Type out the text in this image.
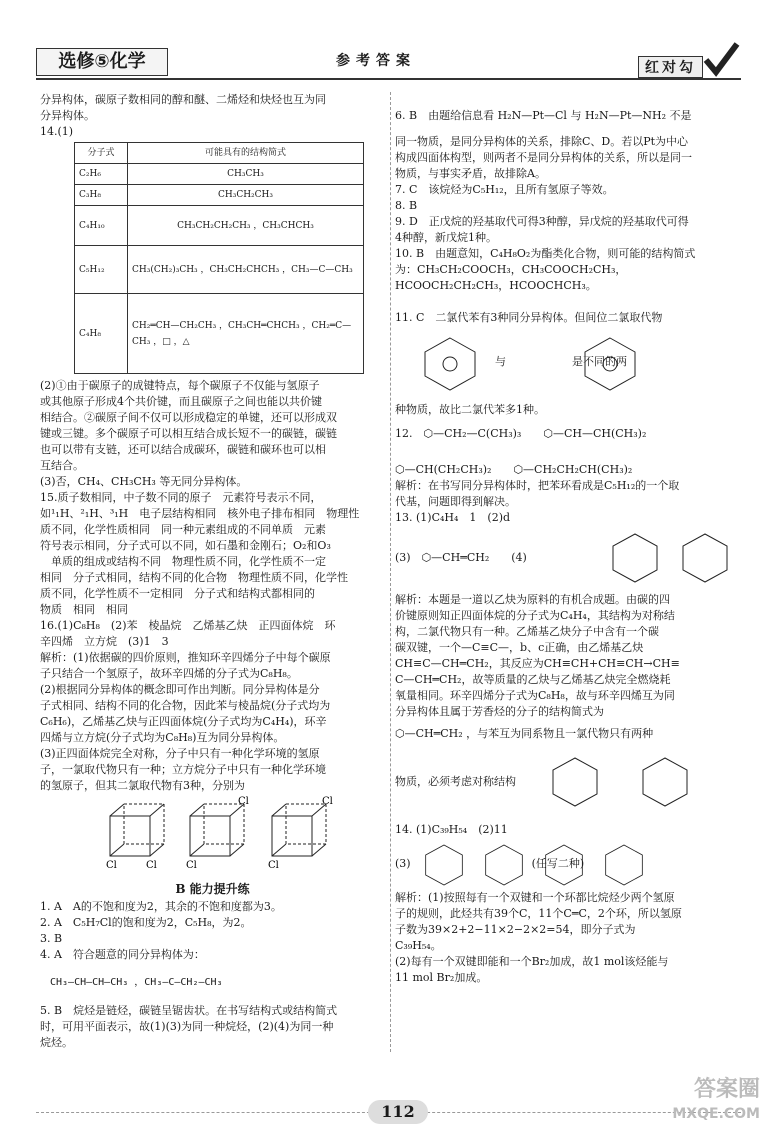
选修⑤化学	参考答案	红对勾

分异构体，碳原子数相同的醇和醚、二烯烃和炔烃也互为同

分异构体。

14.(1)

分子式	可能具有的结构简式
C₂H₆	CH₃CH₃
C₃H₈	CH₃CH₂CH₃
C₄H₁₀	CH₃CH₂CH₂CH₃ ，CH₃CHCH₃
C₅H₁₂	CH₃(CH₂)₃CH₃ ，CH₃CH₂CHCH₃ ，CH₃—C—CH₃
C₄H₈	CH₂═CH—CH₂CH₃ ，CH₃CH═CHCH₃ ，CH₂═C—CH₃ ，□ ，△

(2)①由于碳原子的成键特点，每个碳原子不仅能与氢原子

或其他原子形成4个共价键，而且碳原子之间也能以共价键

相结合。②碳原子间不仅可以形成稳定的单键，还可以形成双

键或三键。多个碳原子可以相互结合成长短不一的碳链，碳链

也可以带有支链，还可以结合成碳环，碳链和碳环也可以相

互结合。

(3)否，CH₄、CH₃CH₃ 等无同分异构体。

15.质子数相同，中子数不同的原子　元素符号表示不同，

如¹₁H、²₁H、³₁H　电子层结构相同　核外电子排布相同　物理性

质不同，化学性质相同　同一种元素组成的不同单质　元素

符号表示相同，分子式可以不同，如石墨和金刚石；O₂和O₃

　单质的组成或结构不同　物理性质不同，化学性质不一定

相同　分子式相同，结构不同的化合物　物理性质不同，化学性

质不同，化学性质不一定相同　分子式和结构式都相同的

物质　相同　相同

16.(1)C₈H₈　(2)苯　棱晶烷　乙烯基乙炔　正四面体烷　环

辛四烯　立方烷　(3)1　3

解析：(1)依据碳的四价原则，推知环辛四烯分子中每个碳原

子只结合一个氢原子，故环辛四烯的分子式为C₈H₈。

(2)根据同分异构体的概念即可作出判断。同分异构体是分

子式相同、结构不同的化合物，因此苯与棱晶烷(分子式均为

C₆H₆)，乙烯基乙炔与正四面体烷(分子式均为C₄H₄)，环辛

四烯与立方烷(分子式均为C₈H₈)互为同分异构体。

(3)正四面体烷完全对称，分子中只有一种化学环境的氢原

子，一氯取代物只有一种；立方烷分子中只有一种化学环境

的氢原子，但其二氯取代物有3种，分别为

Cl	Cl
Cl
Cl
Cl
Cl
B 能力提升练

1. A　A的不饱和度为2，其余的不饱和度都为3。

2. A　C₅H₇Cl的饱和度为2，C₅H₈，为2。

3. B

4. A　符合题意的同分异构体为：

CH₃—CH—CH—CH₃ ，CH₃—C—CH₂—CH₃

5. B　烷烃是链烃，碳链呈锯齿状。在书写结构式或结构简式

时，可用平面表示，故(1)(3)为同一种烷烃，(2)(4)为同一种

烷烃。

6. B　由题给信息看 H₂N—Pt—Cl 与 H₂N—Pt—NH₂ 不是

同一物质，是同分异构体的关系，排除C、D。若以Pt为中心

构成四面体构型，则两者不是同分异构体的关系，所以是同一

物质，与事实矛盾，故排除A。

7. C　该烷烃为C₅H₁₂，且所有氢原子等效。

8. B

9. D　正戊烷的羟基取代可得3种醇，异戊烷的羟基取代可得

4种醇，新戊烷1种。

10. B　由题意知，C₄H₈O₂为酯类化合物，则可能的结构简式

为：CH₃CH₂COOCH₃，CH₃COOCH₂CH₃，

HCOOCH₂CH₂CH₃，HCOOCHCH₃。

11. C　二氯代苯有3种同分异构体。但间位二氯取代物

与　　　　　　是不同的两

种物质，故比二氯代苯多1种。

12.　⬡—CH₂—C(CH₃)₃　　⬡—CH—CH(CH₃)₂

⬡—CH(CH₂CH₃)₂　　⬡—CH₂CH₂CH(CH₃)₂

解析：在书写同分异构体时，把苯环看成是C₅H₁₂的一个取

代基，问题即得到解决。

13. (1)C₄H₄　1　(2)d

(3)　⬡—CH═CH₂　　(4)

解析：本题是一道以乙炔为原料的有机合成题。由碳的四

价键原则知正四面体烷的分子式为C₄H₄，其结构为对称结

构，二氯代物只有一种。乙烯基乙炔分子中含有一个碳

碳双键，一个—C≡C—，b、c正确，由乙烯基乙炔

CH≡C—CH═CH₂，其反应为CH≡CH+CH≡CH→CH≡

C—CH═CH₂，故等质量的乙炔与乙烯基乙炔完全燃烧耗

氧量相同。环辛四烯分子式为C₈H₈，故与环辛四烯互为同

分异构体且属于芳香烃的分子的结构简式为

⬡—CH═CH₂ ，与苯互为同系物且一氯代物只有两种

物质，必须考虑对称结构

14. (1)C₃₉H₅₄　(2)11

(3)　　　　　　　　　　　(任写二种)

解析：(1)按照每有一个双键和一个环都比烷烃少两个氢原

子的规则，此烃共有39个C，11个C═C，2个环，所以氢原

子数为39×2+2−11×2−2×2=54，即分子式为

C₃₉H₅₄。

(2)每有一个双键即能和一个Br₂加成，故1 mol该烃能与

11 mol Br₂加成。

112
答案圈
MXQE.COM
